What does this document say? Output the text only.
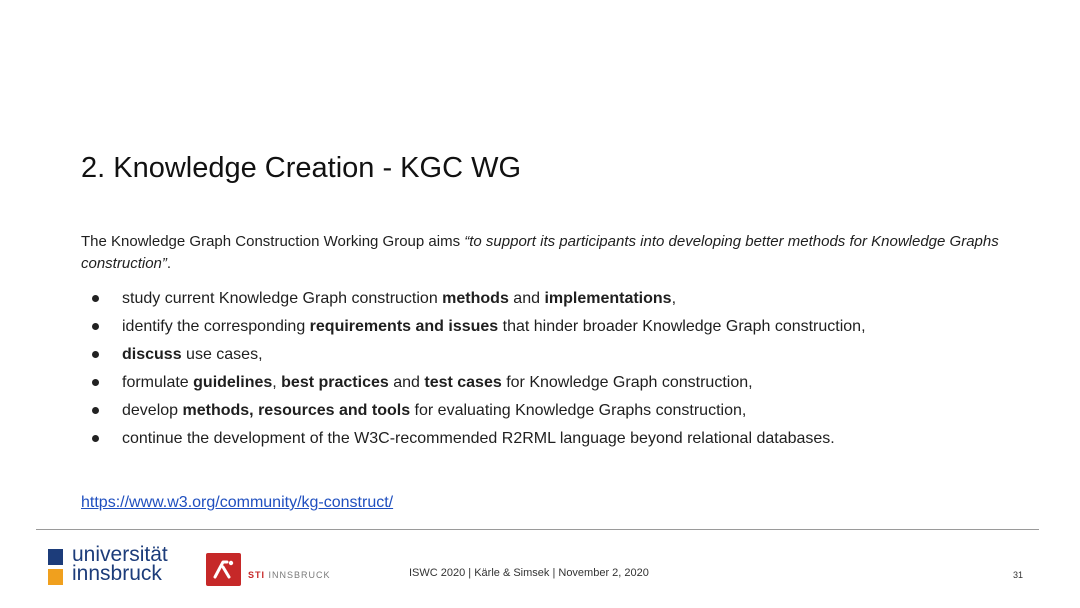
2. Knowledge Creation - KGC WG
The Knowledge Graph Construction Working Group aims “to support its participants into developing better methods for Knowledge Graphs construction”.
study current Knowledge Graph construction methods and implementations,
identify the corresponding requirements and issues that hinder broader Knowledge Graph construction,
discuss use cases,
formulate guidelines, best practices and test cases for Knowledge Graph construction,
develop methods, resources and tools for evaluating Knowledge Graphs construction,
continue the development of the W3C-recommended R2RML language beyond relational databases.
https://www.w3.org/community/kg-construct/
universität
innsbruck	STI INNSBRUCK	ISWC 2020 | Kärle & Simsek | November 2, 2020	31
